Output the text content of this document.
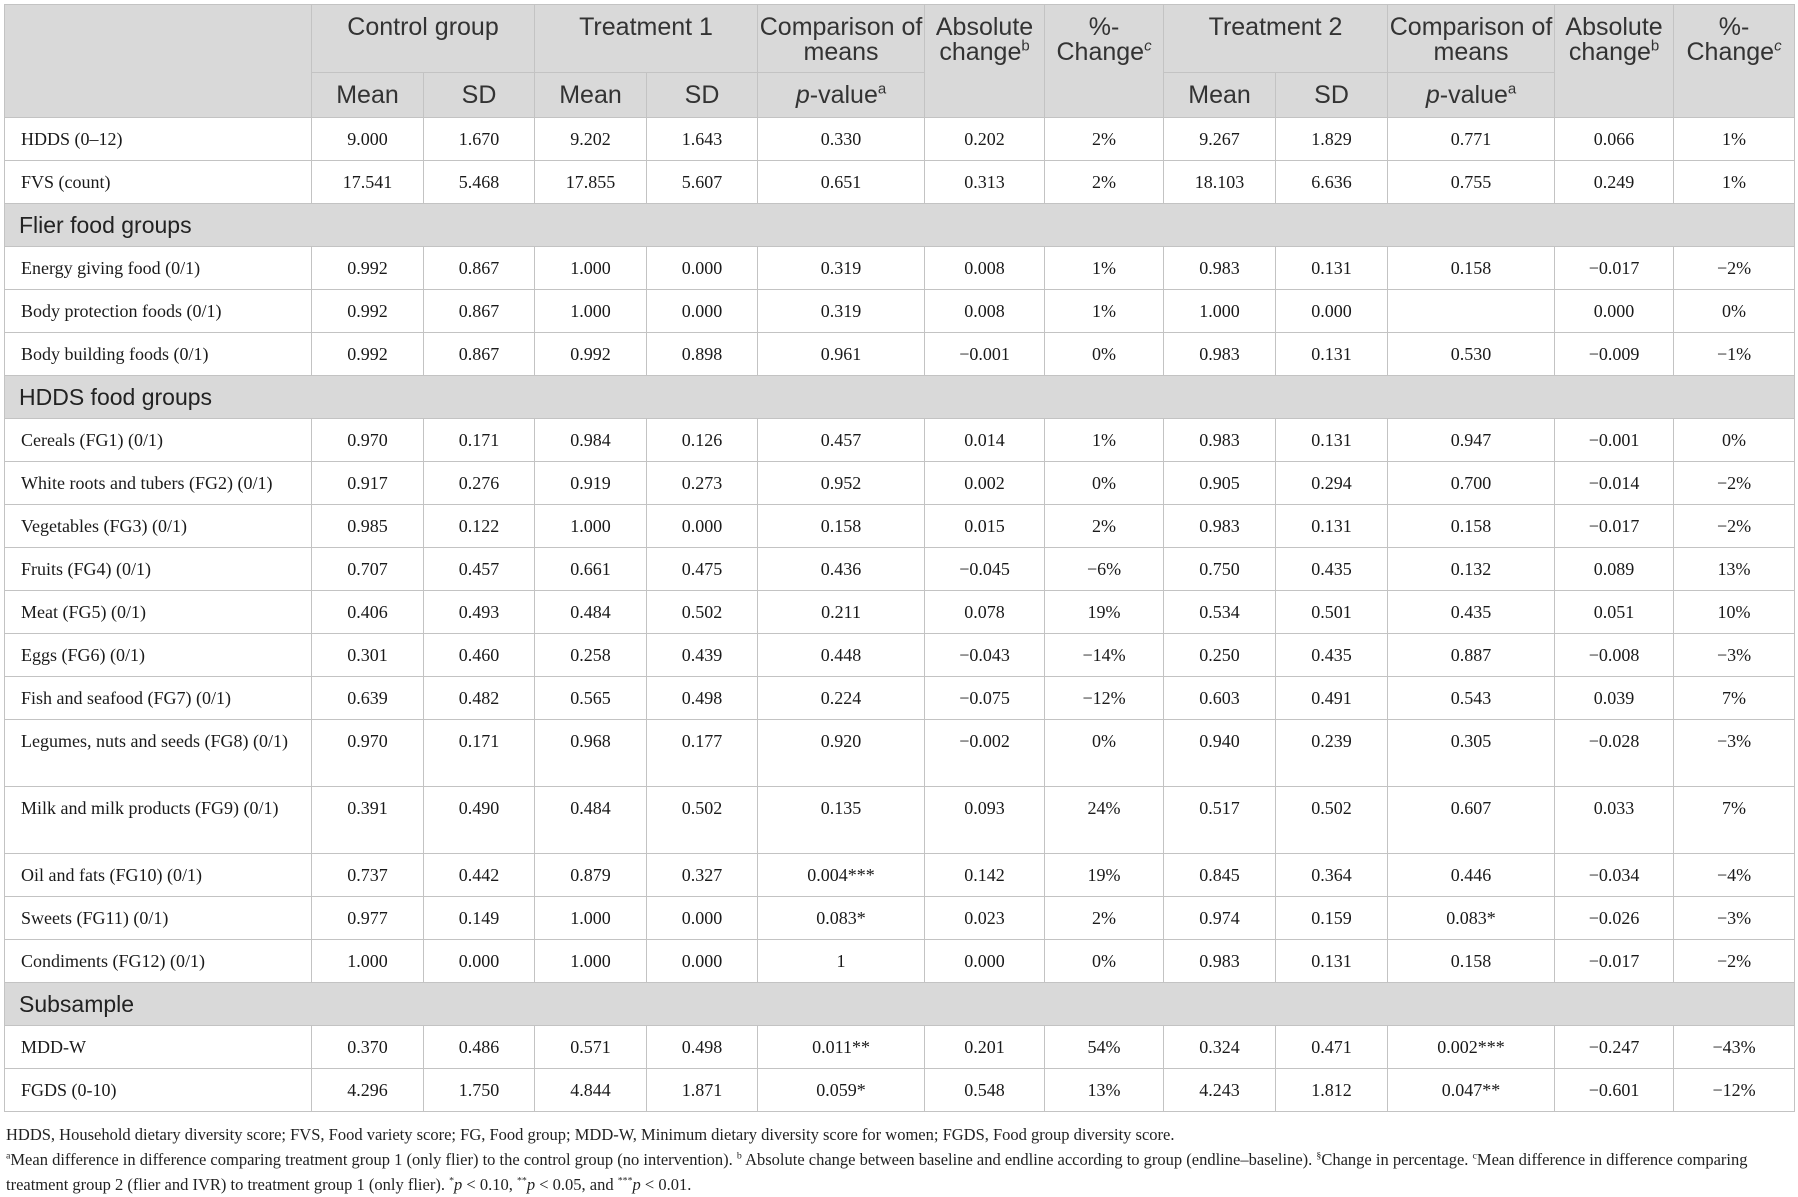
	Control group		Treatment 1		Comparison of means	Absolute change$^b$	%-Change$^c$	Treatment 2		Comparison of means	Absolute change$^b$	%-Change$^c$
	Mean	SD	Mean	SD	p-value$^a$			Mean	SD	p-value$^a$
HDDS (0–12)	9.000	1.670	9.202	1.643	0.330	0.202	2%	9.267	1.829	0.771	0.066	1%
FVS (count)	17.541	5.468	17.855	5.607	0.651	0.313	2%	18.103	6.636	0.755	0.249	1%
Flier food groups												
Energy giving food (0/1)	0.992	0.867	1.000	0.000	0.319	0.008	1%	0.983	0.131	0.158	−0.017	−2%
Body protection foods (0/1)	0.992	0.867	1.000	0.000	0.319	0.008	1%	1.000	0.000		0.000	0%
Body building foods (0/1)	0.992	0.867	0.992	0.898	0.961	−0.001	0%	0.983	0.131	0.530	−0.009	−1%
HDDS food groups												
Cereals (FG1) (0/1)	0.970	0.171	0.984	0.126	0.457	0.014	1%	0.983	0.131	0.947	−0.001	0%
White roots and tubers (FG2) (0/1)	0.917	0.276	0.919	0.273	0.952	0.002	0%	0.905	0.294	0.700	−0.014	−2%
Vegetables (FG3) (0/1)	0.985	0.122	1.000	0.000	0.158	0.015	2%	0.983	0.131	0.158	−0.017	−2%
Fruits (FG4) (0/1)	0.707	0.457	0.661	0.475	0.436	−0.045	−6%	0.750	0.435	0.132	0.089	13%
Meat (FG5) (0/1)	0.406	0.493	0.484	0.502	0.211	0.078	19%	0.534	0.501	0.435	0.051	10%
Eggs (FG6) (0/1)	0.301	0.460	0.258	0.439	0.448	−0.043	−14%	0.250	0.435	0.887	−0.008	−3%
Fish and seafood (FG7) (0/1)	0.639	0.482	0.565	0.498	0.224	−0.075	−12%	0.603	0.491	0.543	0.039	7%
Legumes, nuts and seeds (FG8) (0/1)	0.970	0.171	0.968	0.177	0.920	−0.002	0%	0.940	0.239	0.305	−0.028	−3%
Milk and milk products (FG9) (0/1)	0.391	0.490	0.484	0.502	0.135	0.093	24%	0.517	0.502	0.607	0.033	7%
Oil and fats (FG10) (0/1)	0.737	0.442	0.879	0.327	0.004***	0.142	19%	0.845	0.364	0.446	−0.034	−4%
Sweets (FG11) (0/1)	0.977	0.149	1.000	0.000	0.083*	0.023	2%	0.974	0.159	0.083*	−0.026	−3%
Condiments (FG12) (0/1)	1.000	0.000	1.000	0.000	1	0.000	0%	0.983	0.131	0.158	−0.017	−2%
Subsample												
MDD-W	0.370	0.486	0.571	0.498	0.011**	0.201	54%	0.324	0.471	0.002***	−0.247	−43%
FGDS (0-10)	4.296	1.750	4.844	1.871	0.059*	0.548	13%	4.243	1.812	0.047**	−0.601	−12%

HDDS, Household dietary diversity score; FVS, Food variety score; FG, Food group; MDD-W, Minimum dietary diversity score for women; FGDS, Food group diversity score.

$^a$Mean difference in difference comparing treatment group 1 (only flier) to the control group (no intervention). $^b$ Absolute change between baseline and endline according to group (endline–baseline). §Change in percentage. $^c$Mean difference in difference comparing treatment group 2 (flier and IVR) to treatment group 1 (only flier). *p < 0.10, **p < 0.05, and ***p < 0.01.
